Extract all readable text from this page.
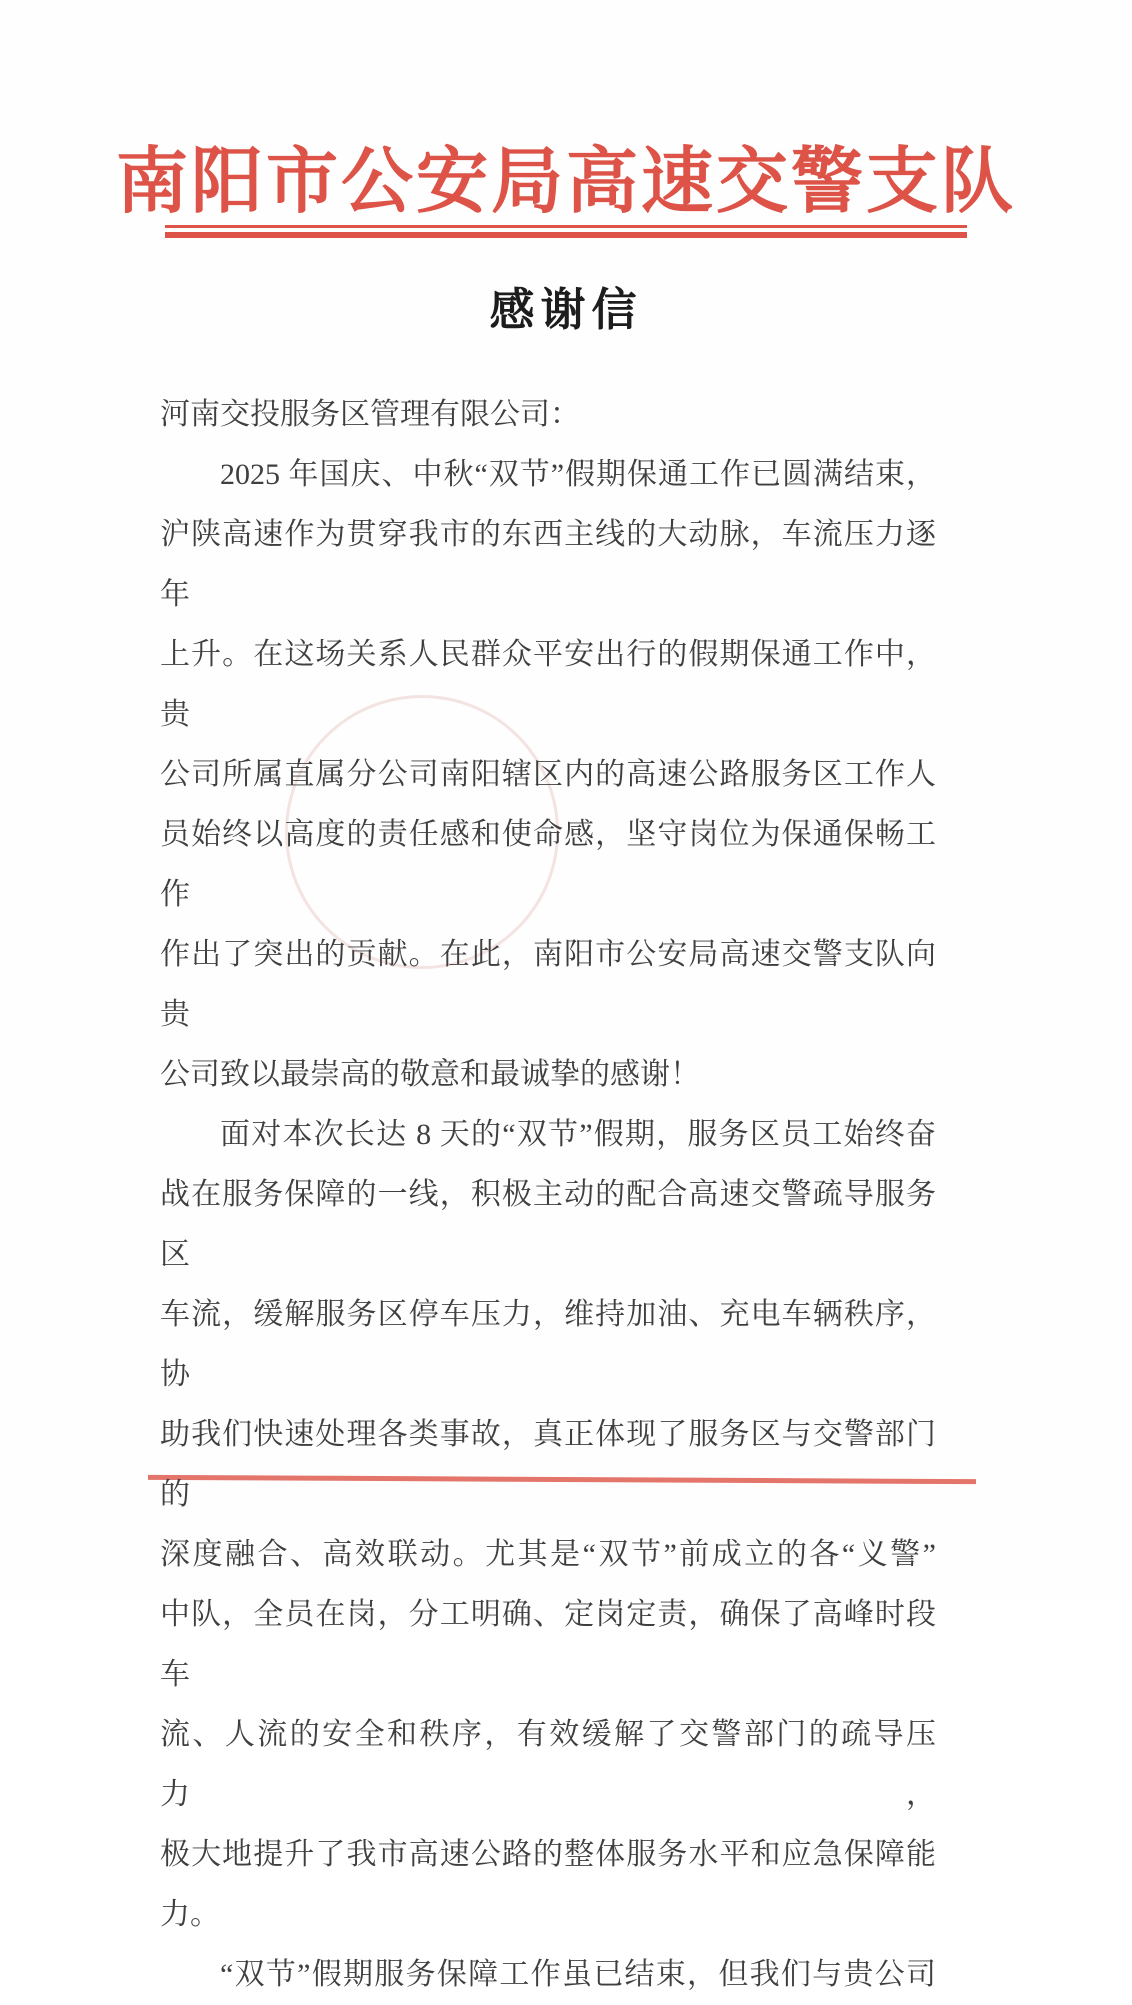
南阳市公安局高速交警支队
感谢信
河南交投服务区管理有限公司：
2025 年国庆、中秋“双节”假期保通工作已圆满结束，
沪陕高速作为贯穿我市的东西主线的大动脉，车流压力逐年
上升。在这场关系人民群众平安出行的假期保通工作中，贵
公司所属直属分公司南阳辖区内的高速公路服务区工作人
员始终以高度的责任感和使命感，坚守岗位为保通保畅工作
作出了突出的贡献。在此，南阳市公安局高速交警支队向贵
公司致以最崇高的敬意和最诚挚的感谢！
面对本次长达 8 天的“双节”假期，服务区员工始终奋
战在服务保障的一线，积极主动的配合高速交警疏导服务区
车流，缓解服务区停车压力，维持加油、充电车辆秩序，协
助我们快速处理各类事故，真正体现了服务区与交警部门的
深度融合、高效联动。尤其是“双节”前成立的各“义警”
中队，全员在岗，分工明确、定岗定责，确保了高峰时段车
流、人流的安全和秩序，有效缓解了交警部门的疏导压力，
极大地提升了我市高速公路的整体服务水平和应急保障能
力。
“双节”假期服务保障工作虽已结束，但我们与贵公司
